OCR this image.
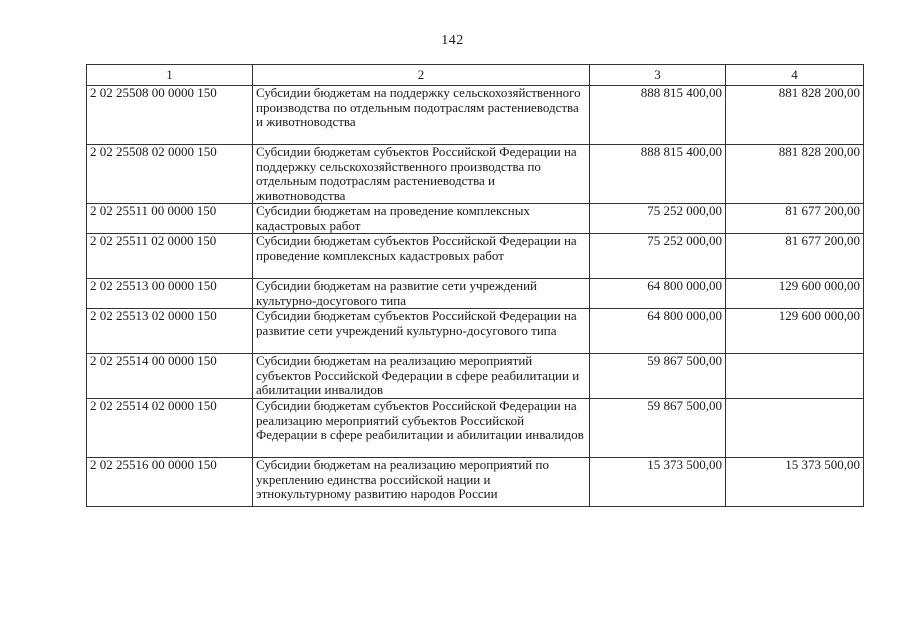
142
1	2	3	4
2 02 25508 00 0000 150	Субсидии бюджетам на поддержку сельскохозяйственного производства по отдельным подотраслям растениеводства и животноводства	888 815 400,00	881 828 200,00
2 02 25508 02 0000 150	Субсидии бюджетам субъектов Российской Федерации на поддержку сельскохозяйственного производства по отдельным подотраслям растениеводства и животноводства	888 815 400,00	881 828 200,00
2 02 25511 00 0000 150	Субсидии бюджетам на проведение комплексных кадастровых работ	75 252 000,00	81 677 200,00
2 02 25511 02 0000 150	Субсидии бюджетам субъектов Российской Федерации на проведение комплексных кадастровых работ	75 252 000,00	81 677 200,00
2 02 25513 00 0000 150	Субсидии бюджетам на развитие сети учреждений культурно-досугового типа	64 800 000,00	129 600 000,00
2 02 25513 02 0000 150	Субсидии бюджетам субъектов Российской Федерации на развитие сети учреждений культурно-досугового типа	64 800 000,00	129 600 000,00
2 02 25514 00 0000 150	Субсидии бюджетам на реализацию мероприятий субъектов Российской Федерации в сфере реабилитации и абилитации инвалидов	59 867 500,00	
2 02 25514 02 0000 150	Субсидии бюджетам субъектов Российской Федерации на реализацию мероприятий субъектов Российской Федерации в сфере реабилитации и абилитации инвалидов	59 867 500,00	
2 02 25516 00 0000 150	Субсидии бюджетам на реализацию мероприятий по укреплению единства российской нации и этнокультурному развитию народов России	15 373 500,00	15 373 500,00
